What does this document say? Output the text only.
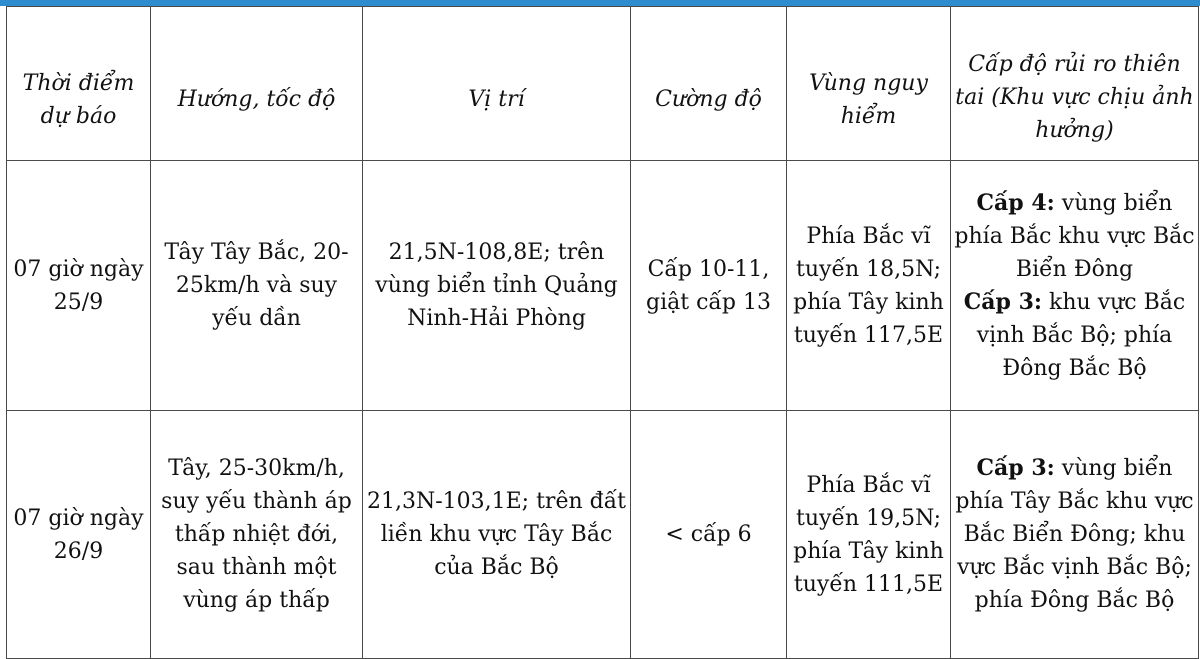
Thời điểm dự báo	Hướng, tốc độ	Vị trí	Cường độ	Vùng nguy hiểm	Cấp độ rủi ro thiên tai (Khu vực chịu ảnh hưởng)
07 giờ ngày 25/9	Tây Tây Bắc, 20-25km/h và suy yếu dần	21,5N-108,8E; trên vùng biển tỉnh Quảng Ninh-Hải Phòng	Cấp 10-11, giật cấp 13	Phía Bắc vĩ tuyến 18,5N; phía Tây kinh tuyến 117,5E	Cấp 4: vùng biển phía Bắc khu vực Bắc Biển Đông
Cấp 3: khu vực Bắc vịnh Bắc Bộ; phía Đông Bắc Bộ

07 giờ ngày 26/9	Tây, 25-30km/h, suy yếu thành áp thấp nhiệt đới, sau thành một vùng áp thấp	21,3N-103,1E; trên đất liền khu vực Tây Bắc của Bắc Bộ	< cấp 6	Phía Bắc vĩ tuyến 19,5N; phía Tây kinh tuyến 111,5E	Cấp 3: vùng biển phía Tây Bắc khu vực Bắc Biển Đông; khu vực Bắc vịnh Bắc Bộ; phía Đông Bắc Bộ
